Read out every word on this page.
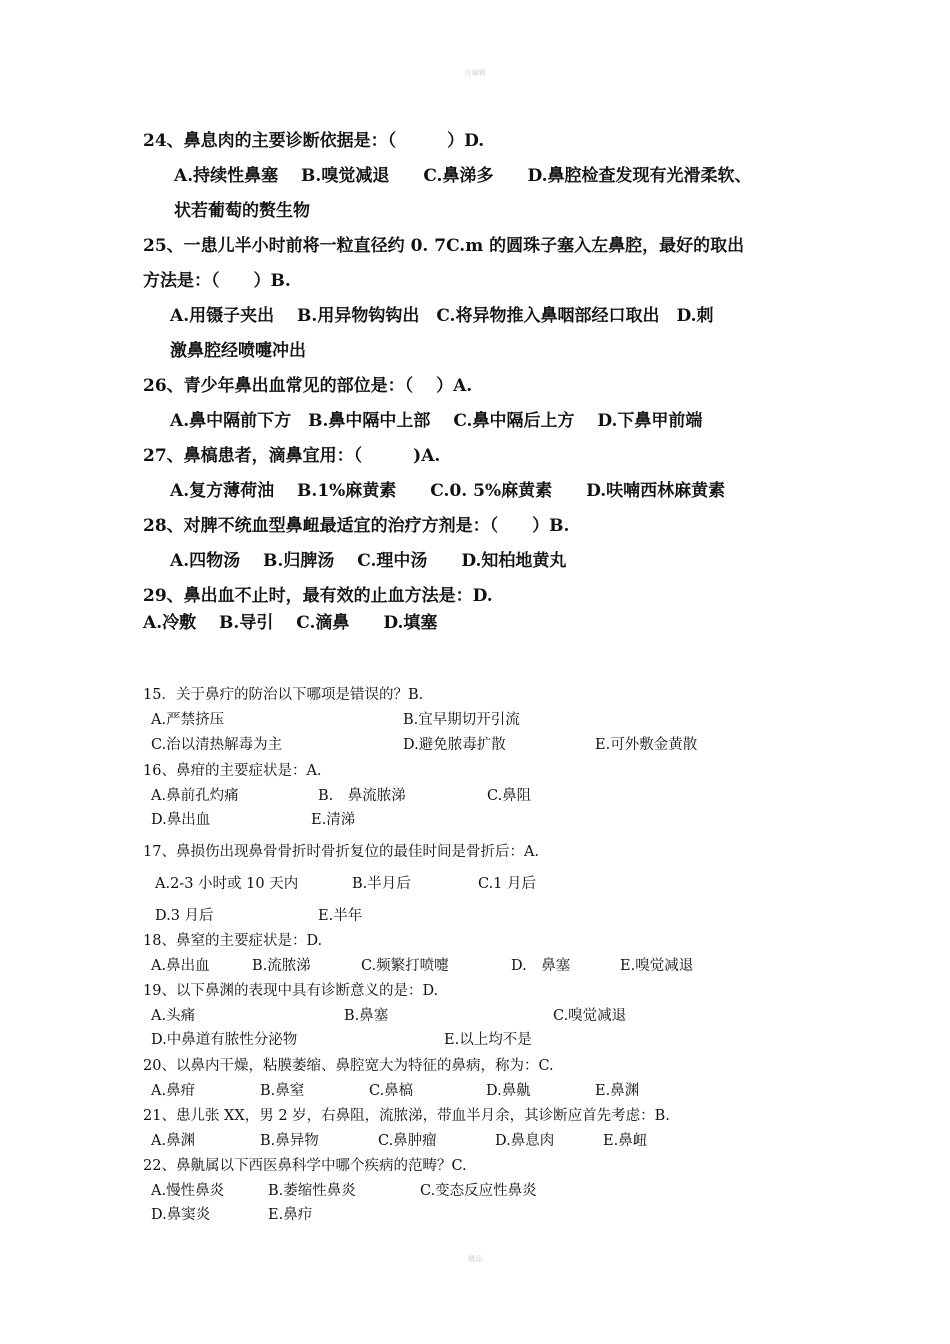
可编辑
24、鼻息肉的主要诊断依据是：（　　　）D.
A.持续性鼻塞　 B.嗅觉减退　　C.鼻涕多　　D.鼻腔检查发现有光滑柔软、
状若葡萄的赘生物
25、一患儿半小时前将一粒直径约 0. 7C.m 的圆珠子塞入左鼻腔，最好的取出
方法是：（　　）B.
A.用镊子夹出　 B.用异物钩钩出　C.将异物推入鼻咽部经口取出　D.刺
激鼻腔经喷嚏冲出
26、青少年鼻出血常见的部位是：（　 ）A.
A.鼻中隔前下方　B.鼻中隔中上部　 C.鼻中隔后上方　 D.下鼻甲前端
27、鼻槁患者，滴鼻宜用：（　　　)A.
A.复方薄荷油　 B.1%麻黄素　　C.0. 5%麻黄素　　D.呋喃西林麻黄素
28、对脾不统血型鼻衄最适宜的治疗方剂是：（　　）B.
A.四物汤　 B.归脾汤　 C.理中汤　　D.知柏地黄丸
29、鼻出血不止时，最有效的止血方法是：D.
A.冷敷　 B.导引　 C.滴鼻　　D.填塞
15．关于鼻疔的防治以下哪项是错误的？B.
A.严禁挤压	B.宜早期切开引流
C.治以清热解毒为主	D.避免脓毒扩散	E.可外敷金黄散
16、鼻疳的主要症状是：A.
A.鼻前孔灼痛	B.　鼻流脓涕	C.鼻阻
D.鼻出血	E.清涕
17、鼻损伤出现鼻骨骨折时骨折复位的最佳时间是骨折后：A.
A.2-3 小时或 10 天内	B.半月后	C.1 月后
D.3 月后	E.半年
18、鼻窒的主要症状是：D.
A.鼻出血	B.流脓涕	C.频繁打喷嚏	D.　鼻塞	E.嗅觉减退
19、以下鼻渊的表现中具有诊断意义的是：D.
A.头痛	B.鼻塞	C.嗅觉减退
D.中鼻道有脓性分泌物	E.以上均不是
20、以鼻内干燥，粘膜萎缩、鼻腔宽大为特征的鼻病，称为：C.
A.鼻疳	B.鼻窒	C.鼻槁	D.鼻鼽	E.鼻渊
21、患儿张 XX，男 2 岁，右鼻阻，流脓涕，带血半月余，其诊断应首先考虑：B.
A.鼻渊	B.鼻异物	C.鼻肿瘤	D.鼻息肉	E.鼻衄
22、鼻鼽属以下西医鼻科学中哪个疾病的范畴？C.
A.慢性鼻炎	B.萎缩性鼻炎	C.变态反应性鼻炎
D.鼻窦炎	E.鼻疖
精品
